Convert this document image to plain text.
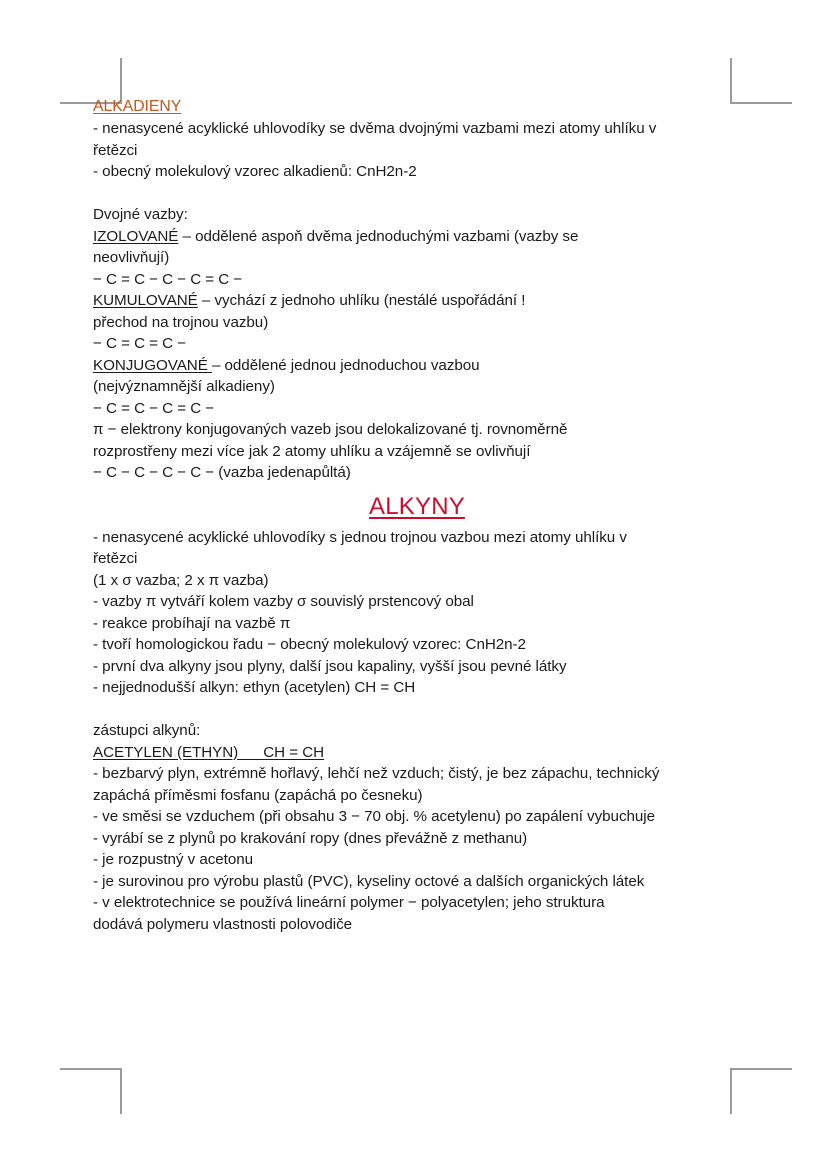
ALKADIENY
- nenasycené acyklické uhlovodíky se dvěma dvojnými vazbami mezi atomy uhlíku v
řetězci
- obecný molekulový vzorec alkadienů: CnH2n-2
Dvojné vazby:
IZOLOVANÉ – oddělené aspoň dvěma jednoduchými vazbami (vazby se
neovlivňují)
− C = C − C − C = C −
KUMULOVANÉ – vychází z jednoho uhlíku (nestálé uspořádání !
přechod na trojnou vazbu)
− C = C = C −
KONJUGOVANÉ – oddělené jednou jednoduchou vazbou
(nejvýznamnější alkadieny)
− C = C − C = C −
π − elektrony konjugovaných vazeb jsou delokalizované tj. rovnoměrně
rozprostřeny mezi více jak 2 atomy uhlíku a vzájemně se ovlivňují
− C − C − C − C − (vazba jedenapůltá)
ALKYNY
- nenasycené acyklické uhlovodíky s jednou trojnou vazbou mezi atomy uhlíku v
řetězci
(1 x σ vazba; 2 x π vazba)
- vazby π vytváří kolem vazby σ souvislý prstencový obal
- reakce probíhají na vazbě π
- tvoří homologickou řadu − obecný molekulový vzorec: CnH2n-2
- první dva alkyny jsou plyny, další jsou kapaliny, vyšší jsou pevné látky
- nejjednodušší alkyn: ethyn (acetylen) CH = CH
zástupci alkynů:
ACETYLEN (ETHYN)      CH = CH
- bezbarvý plyn, extrémně hořlavý, lehčí než vzduch; čistý, je bez zápachu, technický
zapáchá příměsmi fosfanu (zapáchá po česneku)
- ve směsi se vzduchem (při obsahu 3 − 70 obj. % acetylenu) po zapálení vybuchuje
- vyrábí se z plynů po krakování ropy (dnes převážně z methanu)
- je rozpustný v acetonu
- je surovinou pro výrobu plastů (PVC), kyseliny octové a dalších organických látek
- v elektrotechnice se používá lineární polymer − polyacetylen; jeho struktura
dodává polymeru vlastnosti polovodiče
